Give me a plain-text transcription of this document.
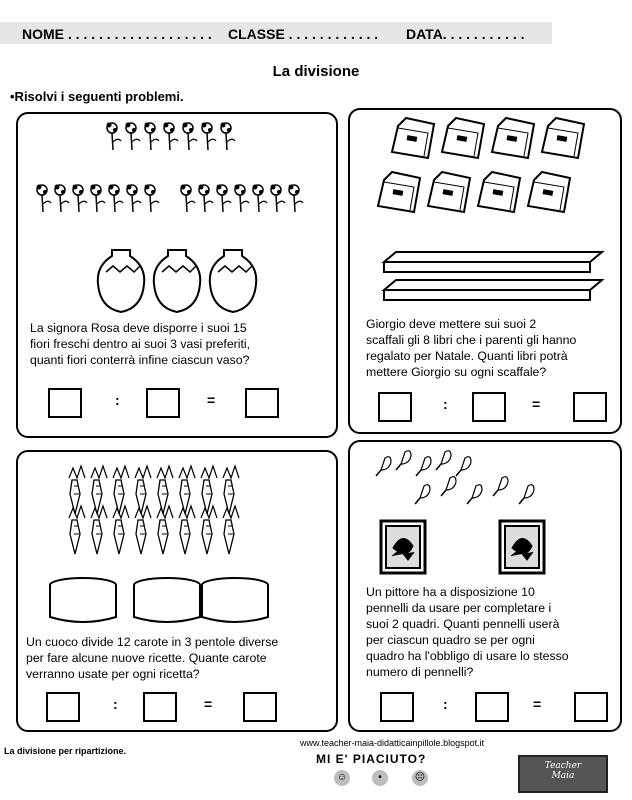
NOME . . . . . . . . . . . . . . . . . . . CLASSE . . . . . . . . . . . . DATA. . . . . . . . . . .
La divisione
•Risolvi i seguenti problemi.
La signora Rosa deve disporre i suoi 15
fiori freschi dentro ai suoi 3 vasi preferiti,
quanti fiori conterrà infine ciascun vaso?
Giorgio deve mettere sui suoi 2
scaffali gli 8 libri che i parenti gli hanno
regalato per Natale. Quanti libri potrà
mettere Giorgio su ogni scaffale?
Un cuoco divide 12 carote in 3 pentole diverse
per fare alcune nuove ricette. Quante carote
verranno usate per ogni ricetta?
Un pittore ha a disposizione 10
pennelli da usare per completare i
suoi 2 quadri. Quanti pennelli userà
per ciascun quadro se per ogni
quadro ha l'obbligo di usare lo stesso
numero di pennelli?
:	=	:	=
:	=	:	=
La divisione per ripartizione.
www.teacher-maia-didatticainpillole.blogspot.it
MI E' PIACIUTO?
☺	•	☹
Teacher
Maia
